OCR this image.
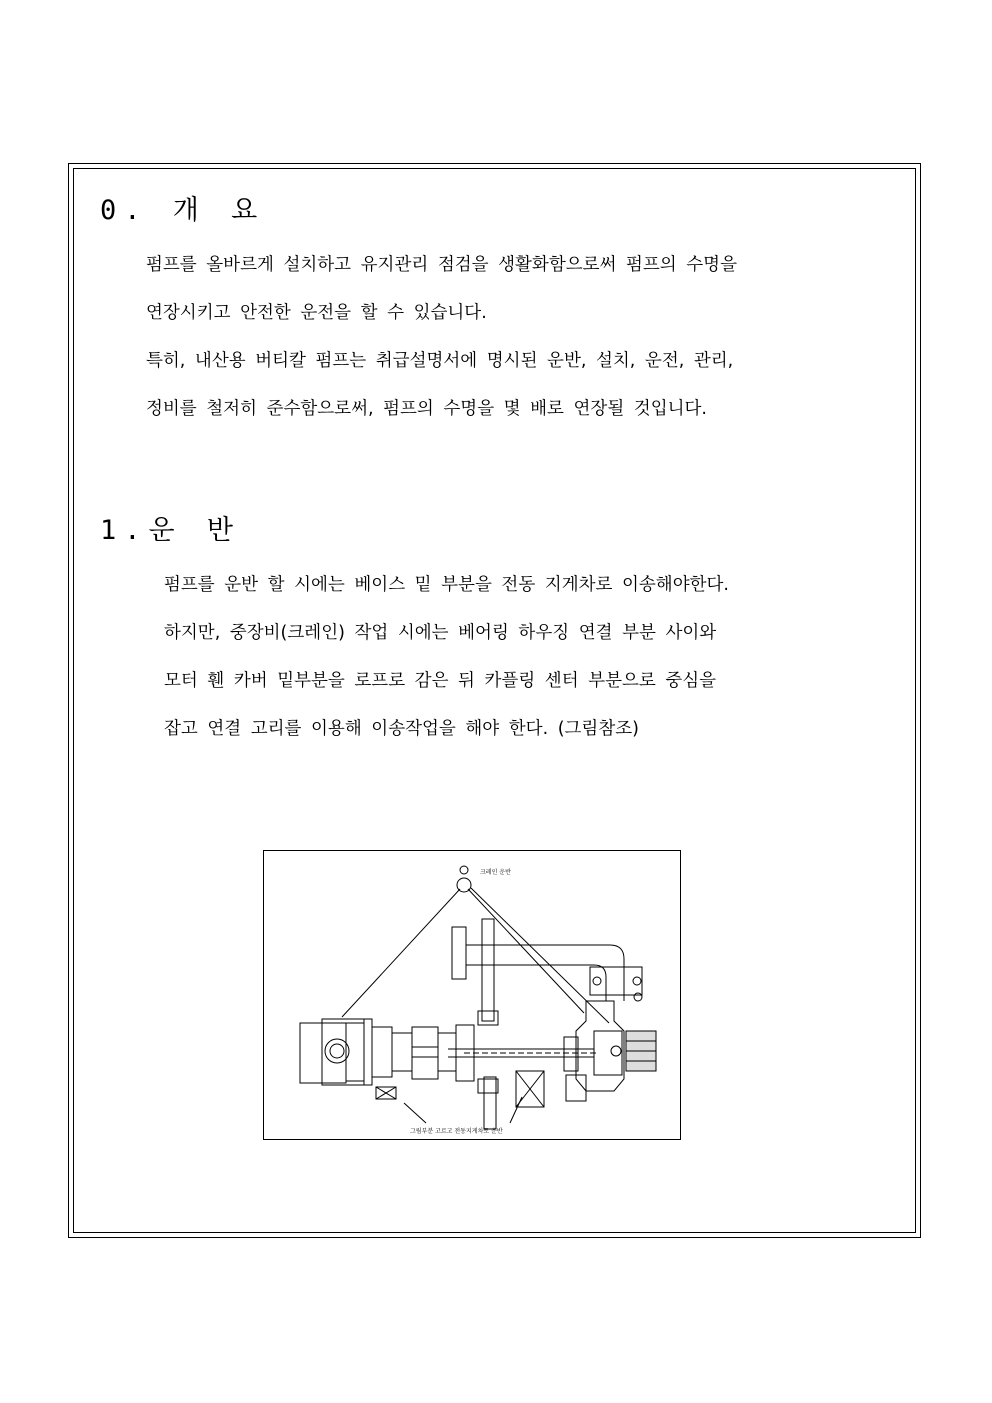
0. 개 요
펌프를 올바르게 설치하고 유지관리 점검을 생활화함으로써 펌프의 수명을
연장시키고 안전한 운전을 할 수 있습니다.
특히, 내산용 버티칼 펌프는 취급설명서에 명시된 운반, 설치, 운전, 관리,
정비를 철저히 준수함으로써, 펌프의 수명을 몇 배로 연장될 것입니다.
1.운 반
펌프를 운반 할 시에는 베이스 밑 부분을 전동 지게차로 이송해야한다.
하지만, 중장비(크레인) 작업 시에는 베어링 하우징 연결 부분 사이와
모터 휀 카버 밑부분을 로프로 감은 뒤 카플링 센터 부분으로 중심을
잡고 연결 고리를 이용해 이송작업을 해야 한다. (그림참조)
크레인 운반
그림부분 고르고 전동지게차로 운반
